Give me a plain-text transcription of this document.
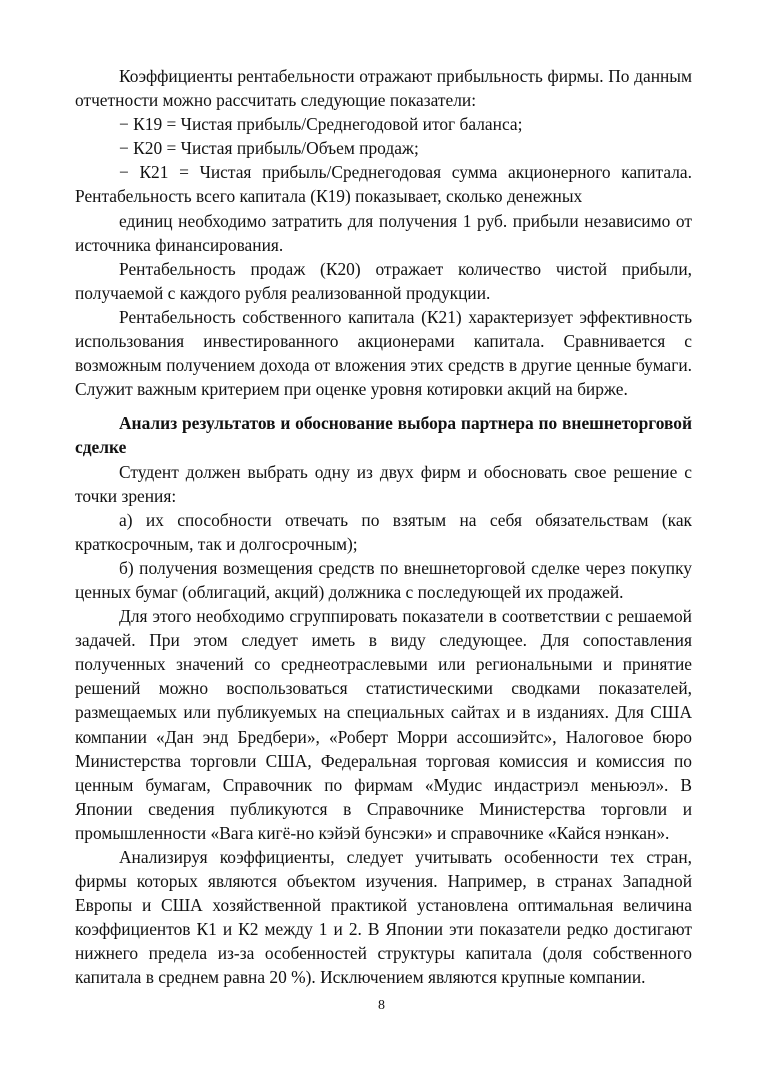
Коэффициенты рентабельности отражают прибыльность фирмы. По данным отчетности можно рассчитать следующие показатели:

− К19 = Чистая прибыль/Среднегодовой итог баланса;

− К20 = Чистая прибыль/Объем продаж;

− К21 = Чистая прибыль/Среднегодовая сумма акционерного капитала. Рентабельность всего капитала (К19) показывает, сколько денежных

единиц необходимо затратить для получения 1 руб. прибыли независимо от источника финансирования.

Рентабельность продаж (К20) отражает количество чистой прибыли, получаемой с каждого рубля реализованной продукции.

Рентабельность собственного капитала (К21) характеризует эффективность использования инвестированного акционерами капитала. Сравнивается с возможным получением дохода от вложения этих средств в другие ценные бумаги. Служит важным критерием при оценке уровня котировки акций на бирже.

Анализ результатов и обоснование выбора партнера по внешнеторговой сделке

Студент должен выбрать одну из двух фирм и обосновать свое решение с точки зрения:

а) их способности отвечать по взятым на себя обязательствам (как краткосрочным, так и долгосрочным);

б) получения возмещения средств по внешнеторговой сделке через покупку ценных бумаг (облигаций, акций) должника с последующей их продажей.

Для этого необходимо сгруппировать показатели в соответствии с решаемой задачей. При этом следует иметь в виду следующее. Для сопоставления полученных значений со среднеотраслевыми или региональными и принятие решений можно воспользоваться статистическими сводками показателей, размещаемых или публикуемых на специальных сайтах и в изданиях. Для США компании «Дан энд Бредбери», «Роберт Морри ассошиэйтс», Налоговое бюро Министерства торговли США, Федеральная торговая комиссия и комиссия по ценным бумагам, Справочник по фирмам «Мудис индастриэл меньюэл». В Японии сведения публикуются в Справочнике Министерства торговли и промышленности «Вага кигё-но кэйэй бунсэки» и справочнике «Кайся нэнкан».

Анализируя коэффициенты, следует учитывать особенности тех стран, фирмы которых являются объектом изучения. Например, в странах Западной Европы и США хозяйственной практикой установлена оптимальная величина коэффициентов К1 и К2 между 1 и 2. В Японии эти показатели редко достигают нижнего предела из-за особенностей структуры капитала (доля собственного капитала в среднем равна 20 %). Исключением являются крупные компании.

8
